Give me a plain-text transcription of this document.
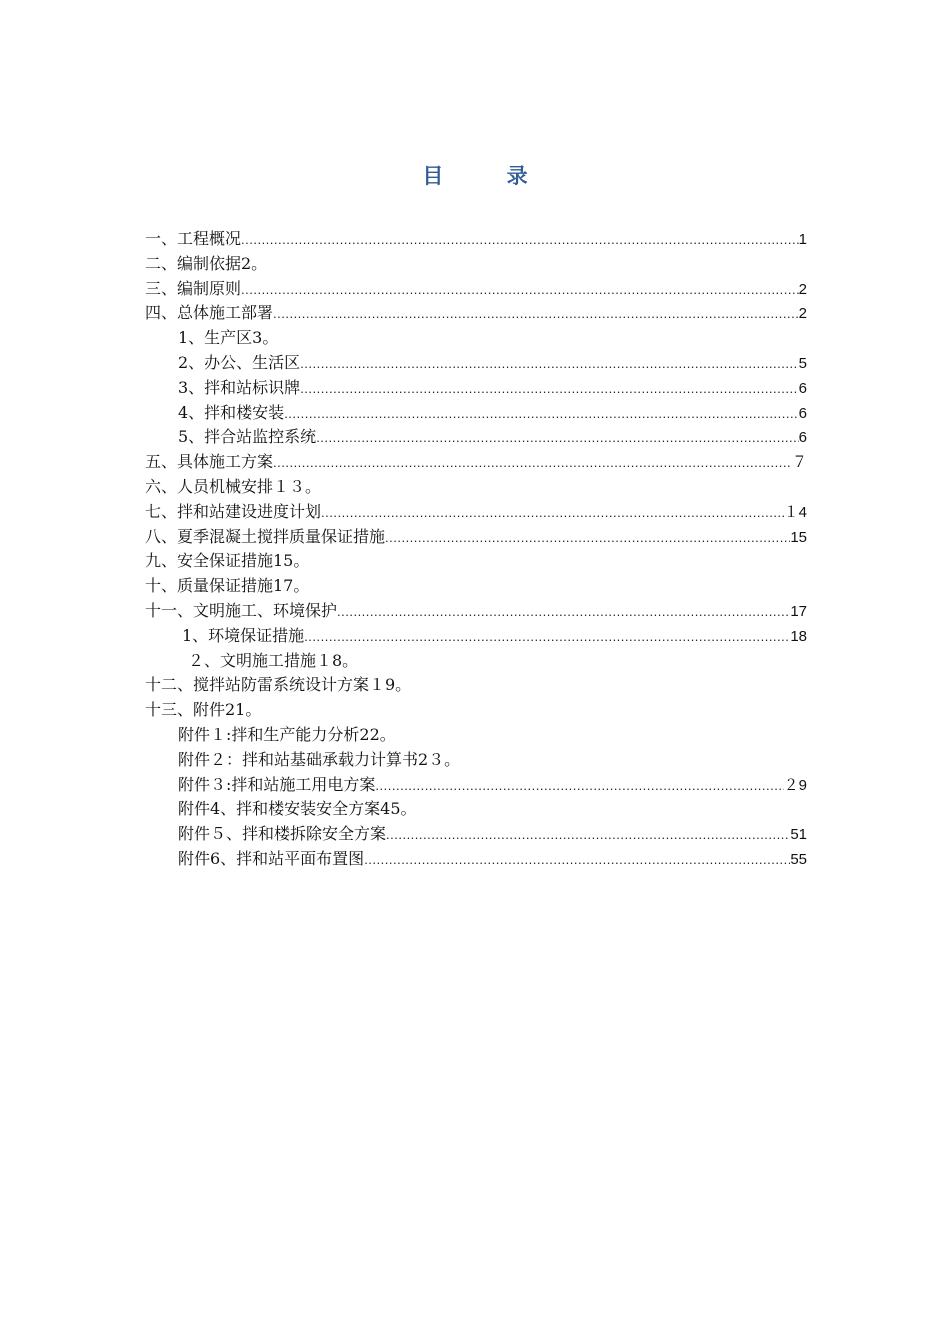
目 录
一、工程概况 .....	1
二、编制依据2。
三、编制原则 .....	2
四、总体施工部署 .....	2
1、生产区3。
2、办公、生活区 .....	5
3、拌和站标识牌 .....	6
4、拌和楼安装 .....	6
5、拌合站监控系统 .....	6
五、具体施工方案 .....	７
六、人员机械安排１３。
七、拌和站建设进度计划 .....	１4
八、夏季混凝土搅拌质量保证措施 .....	15
九、安全保证措施15。
十、质量保证措施17。
十一、文明施工、环境保护 .....	17
1、环境保证措施 .....	18
２、文明施工措施１8。
十二、搅拌站防雷系统设计方案１9。
十三、附件21。
附件１:拌和生产能力分析22。
附件２：拌和站基础承载力计算书2３。
附件３:拌和站施工用电方案 .....	２9
附件4、拌和楼安装安全方案45。
附件５、拌和楼拆除安全方案 .....	51
附件6、拌和站平面布置图 .....	55
